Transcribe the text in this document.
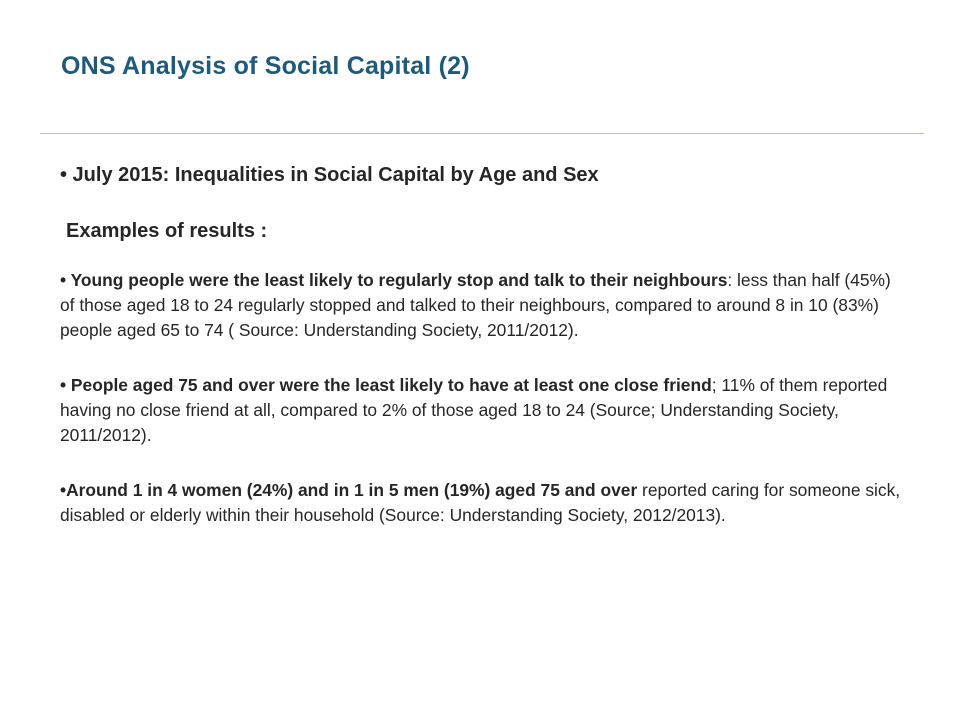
ONS Analysis of Social Capital (2)

• July 2015: Inequalities in Social Capital by Age and Sex

Examples of results :

• Young people were the least likely to regularly stop and talk to their neighbours: less than half (45%) of those aged 18 to 24 regularly stopped and talked to their neighbours, compared to around 8 in 10 (83%) people aged 65 to 74 ( Source: Understanding Society, 2011/2012).

• People aged 75 and over were the least likely to have at least one close friend; 11% of them reported having no close friend at all, compared to 2% of those aged 18 to 24 (Source; Understanding Society, 2011/2012).

•Around 1 in 4 women (24%) and in 1 in 5 men (19%) aged 75 and over reported caring for someone sick, disabled or elderly within their household (Source: Understanding Society, 2012/2013).
